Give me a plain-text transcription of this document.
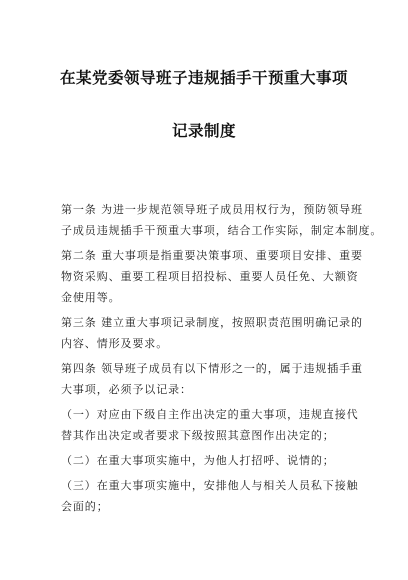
在某党委领导班子违规插手干预重大事项
记录制度
第一条 为进一步规范领导班子成员用权行为，预防领导班
子成员违规插手干预重大事项，结合工作实际，制定本制度。
第二条 重大事项是指重要决策事项、重要项目安排、重要
物资采购、重要工程项目招投标、重要人员任免、大额资
金使用等。
第三条 建立重大事项记录制度，按照职责范围明确记录的
内容、情形及要求。
第四条 领导班子成员有以下情形之一的，属于违规插手重
大事项，必须予以记录：
（一）对应由下级自主作出决定的重大事项，违规直接代
替其作出决定或者要求下级按照其意图作出决定的；
（二）在重大事项实施中，为他人打招呼、说情的；
（三）在重大事项实施中，安排他人与相关人员私下接触
会面的；
